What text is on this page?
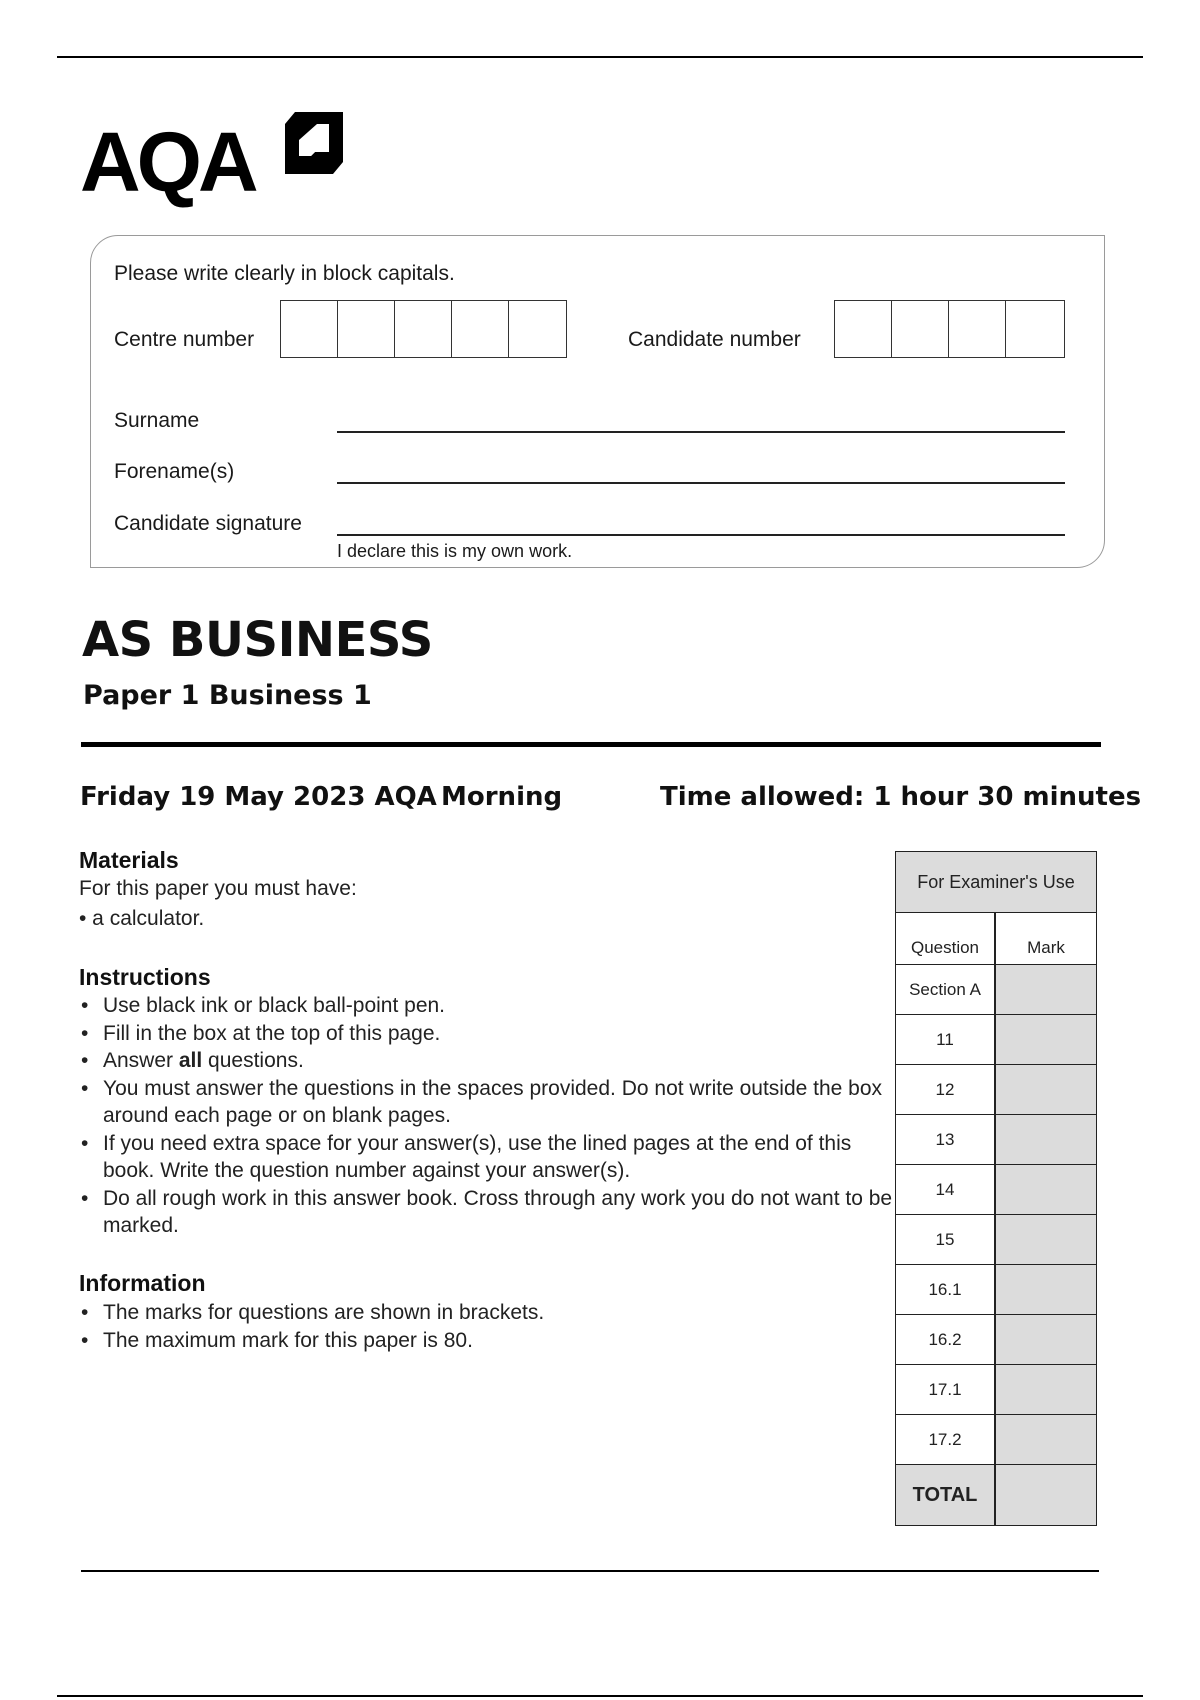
AQA
Please write clearly in block capitals.
Centre number	Candidate number
Surname
Forename(s)
Candidate signature
I declare this is my own work.
AS BUSINESS
Paper 1 Business 1
Friday 19 May 2023 AQA Morning	Time allowed: 1 hour 30 minutes
Materials
For this paper you must have:
• a calculator.
Instructions
• Use black ink or black ball-point pen.
• Fill in the box at the top of this page.
• Answer all questions.
• You must answer the questions in the spaces provided. Do not write outside the box around each page or on blank pages.
• If you need extra space for your answer(s), use the lined pages at the end of this book. Write the question number against your answer(s).
• Do all rough work in this answer book. Cross through any work you do not want to be marked.
Information
• The marks for questions are shown in brackets.
• The maximum mark for this paper is 80.
For Examiner's Use
Question	Mark
Section A
11
12
13
14
15
16.1
16.2
17.1
17.2
TOTAL
